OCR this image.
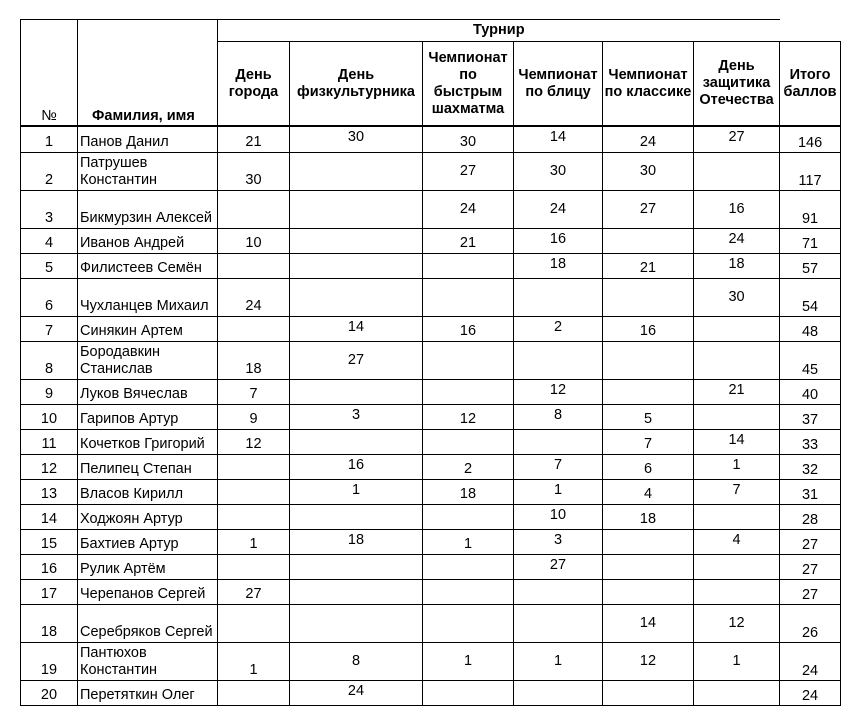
№	Фамилия, имя	Турнир						
		День города	День физкультурника	Чемпионат по быстрым шахматма	Чемпионат по блицу	Чемпионат по классике	День защитика Отечества	Итого баллов

1	Панов Данил	21	30	30	14	24	27	146
2	Патрушев Константин	30		27	30	30		117
3	Бикмурзин Алексей			24	24	27	16	91
4	Иванов Андрей	10		21	16		24	71
5	Филистеев Семён				18	21	18	57
6	Чухланцев Михаил	24					30	54
7	Синякин Артем		14	16	2	16		48
8	Бородавкин Станислав	18	27					45
9	Луков Вячеслав	7			12		21	40
10	Гарипов Артур	9	3	12	8	5		37
11	Кочетков Григорий	12				7	14	33
12	Пелипец Степан		16	2	7	6	1	32
13	Власов Кирилл		1	18	1	4	7	31
14	Ходжоян Артур				10	18		28
15	Бахтиев Артур	1	18	1	3		4	27
16	Рулик Артём				27			27
17	Черепанов Сергей	27						27
18	Серебряков Сергей					14	12	26
19	Пантюхов Константин	1	8	1	1	12	1	24
20	Перетяткин Олег		24					24
